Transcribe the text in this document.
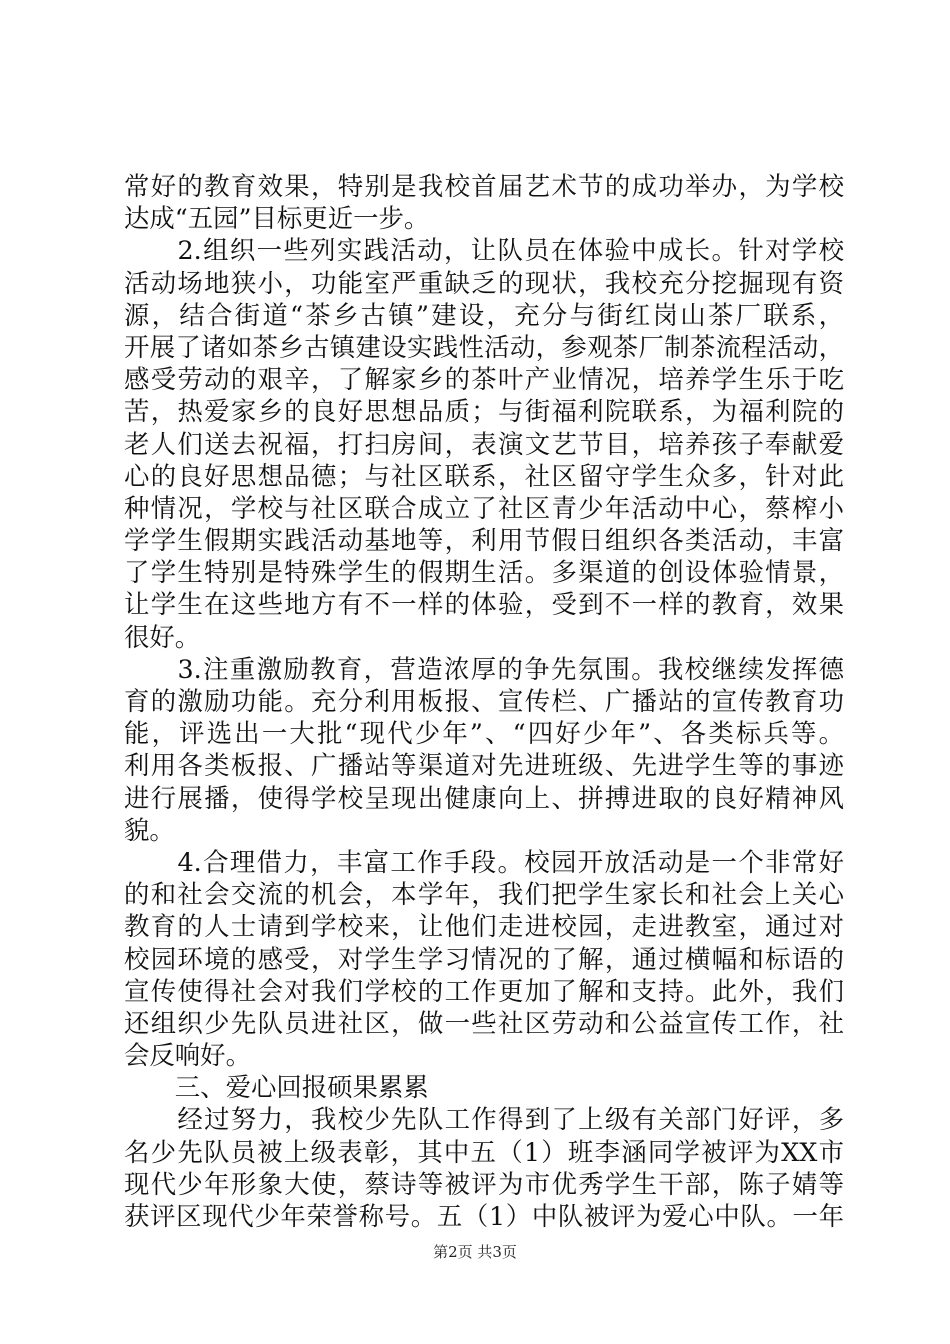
常好的教育效果，特别是我校首届艺术节的成功举办，为学校
达成“五园”目标更近一步。
　　2.组织一些列实践活动，让队员在体验中成长。针对学校
活动场地狭小，功能室严重缺乏的现状，我校充分挖掘现有资
源，结合街道“茶乡古镇”建设，充分与街红岗山茶厂联系，
开展了诸如茶乡古镇建设实践性活动，参观茶厂制茶流程活动，
感受劳动的艰辛，了解家乡的茶叶产业情况，培养学生乐于吃
苦，热爱家乡的良好思想品质；与街福利院联系，为福利院的
老人们送去祝福，打扫房间，表演文艺节目，培养孩子奉献爱
心的良好思想品德；与社区联系，社区留守学生众多，针对此
种情况，学校与社区联合成立了社区青少年活动中心，蔡榨小
学学生假期实践活动基地等，利用节假日组织各类活动，丰富
了学生特别是特殊学生的假期生活。多渠道的创设体验情景，
让学生在这些地方有不一样的体验，受到不一样的教育，效果
很好。
　　3.注重激励教育，营造浓厚的争先氛围。我校继续发挥德
育的激励功能。充分利用板报、宣传栏、广播站的宣传教育功
能，评选出一大批“现代少年”、“四好少年”、各类标兵等。
利用各类板报、广播站等渠道对先进班级、先进学生等的事迹
进行展播，使得学校呈现出健康向上、拼搏进取的良好精神风
貌。
　　4.合理借力，丰富工作手段。校园开放活动是一个非常好
的和社会交流的机会，本学年，我们把学生家长和社会上关心
教育的人士请到学校来，让他们走进校园，走进教室，通过对
校园环境的感受，对学生学习情况的了解，通过横幅和标语的
宣传使得社会对我们学校的工作更加了解和支持。此外，我们
还组织少先队员进社区，做一些社区劳动和公益宣传工作，社
会反响好。
　　三、爱心回报硕果累累
　　经过努力，我校少先队工作得到了上级有关部门好评，多
名少先队员被上级表彰，其中五（1）班李涵同学被评为XX市
现代少年形象大使，蔡诗等被评为市优秀学生干部，陈子婧等
获评区现代少年荣誉称号。五（1）中队被评为爱心中队。一年
第2页 共3页
